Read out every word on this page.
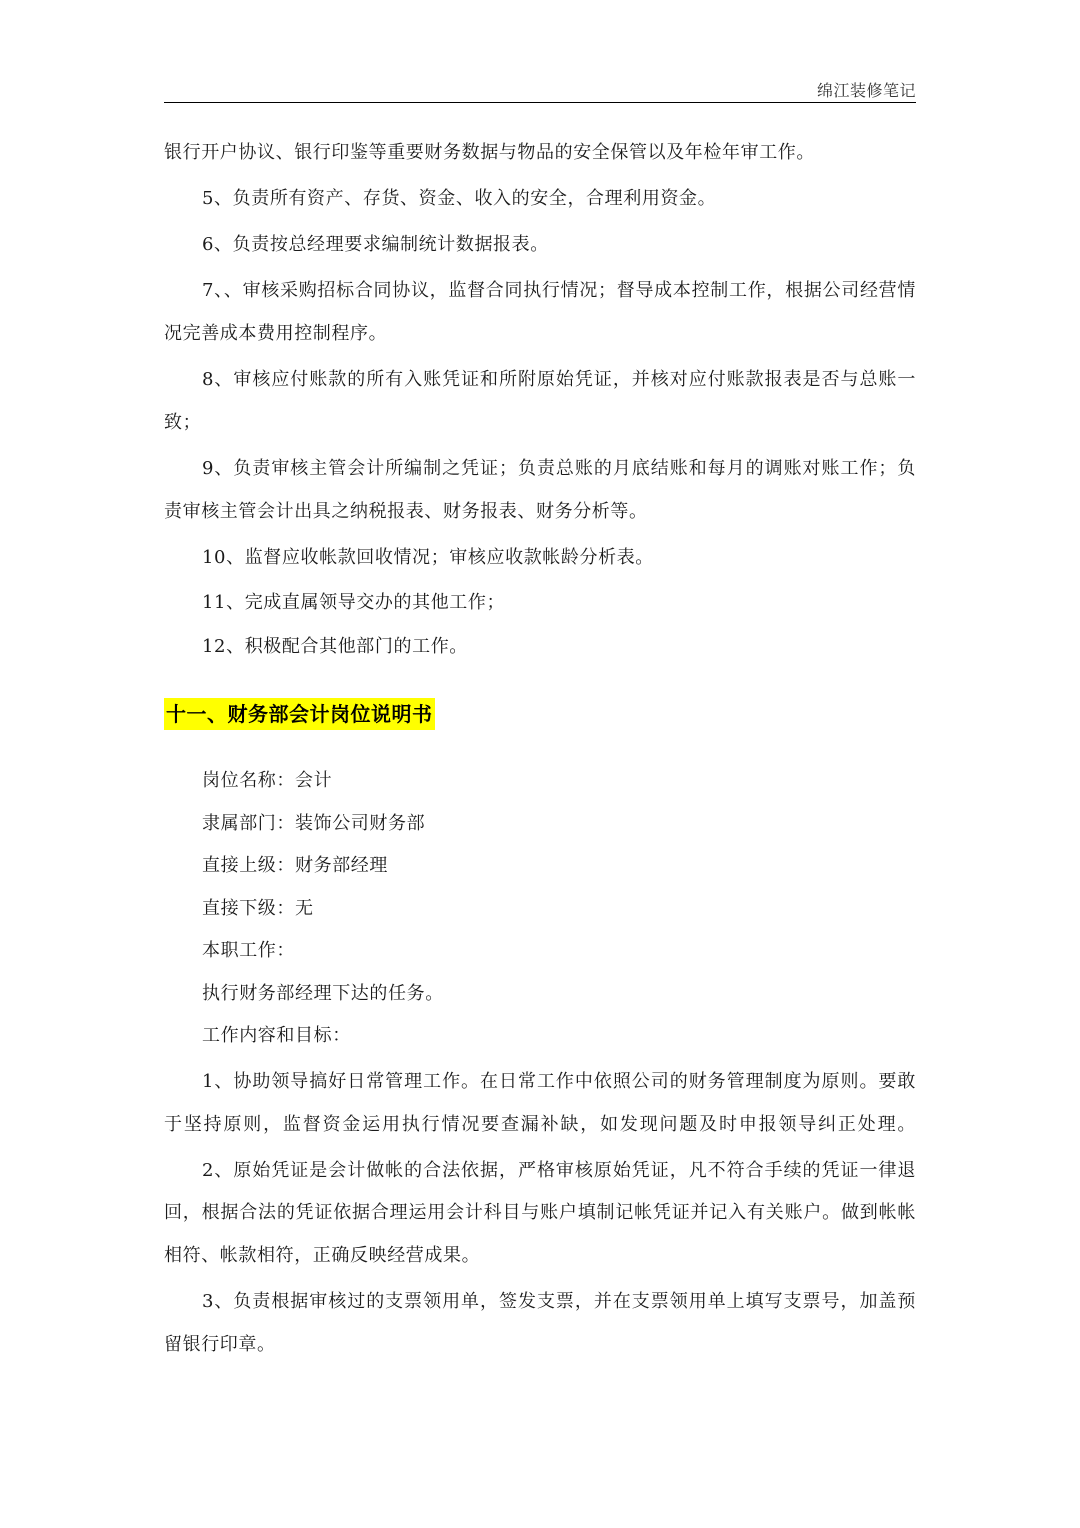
绵江装修笔记
银行开户协议、银行印鉴等重要财务数据与物品的安全保管以及年检年审工作。
5、负责所有资产、存货、资金、收入的安全，合理利用资金。
6、负责按总经理要求编制统计数据报表。
7、、审核采购招标合同协议，监督合同执行情况；督导成本控制工作，根据公司经营情
况完善成本费用控制程序。
8、审核应付账款的所有入账凭证和所附原始凭证，并核对应付账款报表是否与总账一
致；
9、负责审核主管会计所编制之凭证；负责总账的月底结账和每月的调账对账工作；负
责审核主管会计出具之纳税报表、财务报表、财务分析等。
10、监督应收帐款回收情况；审核应收款帐龄分析表。
11、完成直属领导交办的其他工作；
12、积极配合其他部门的工作。
十一、财务部会计岗位说明书
岗位名称：会计
隶属部门：装饰公司财务部
直接上级：财务部经理
直接下级：无
本职工作：
执行财务部经理下达的任务。
工作内容和目标：
1、协助领导搞好日常管理工作。在日常工作中依照公司的财务管理制度为原则。要敢
于坚持原则，监督资金运用执行情况要查漏补缺，如发现问题及时申报领导纠正处理。
2、原始凭证是会计做帐的合法依据，严格审核原始凭证，凡不符合手续的凭证一律退
回，根据合法的凭证依据合理运用会计科目与账户填制记帐凭证并记入有关账户。做到帐帐
相符、帐款相符，正确反映经营成果。
3、负责根据审核过的支票领用单，签发支票，并在支票领用单上填写支票号，加盖预
留银行印章。
